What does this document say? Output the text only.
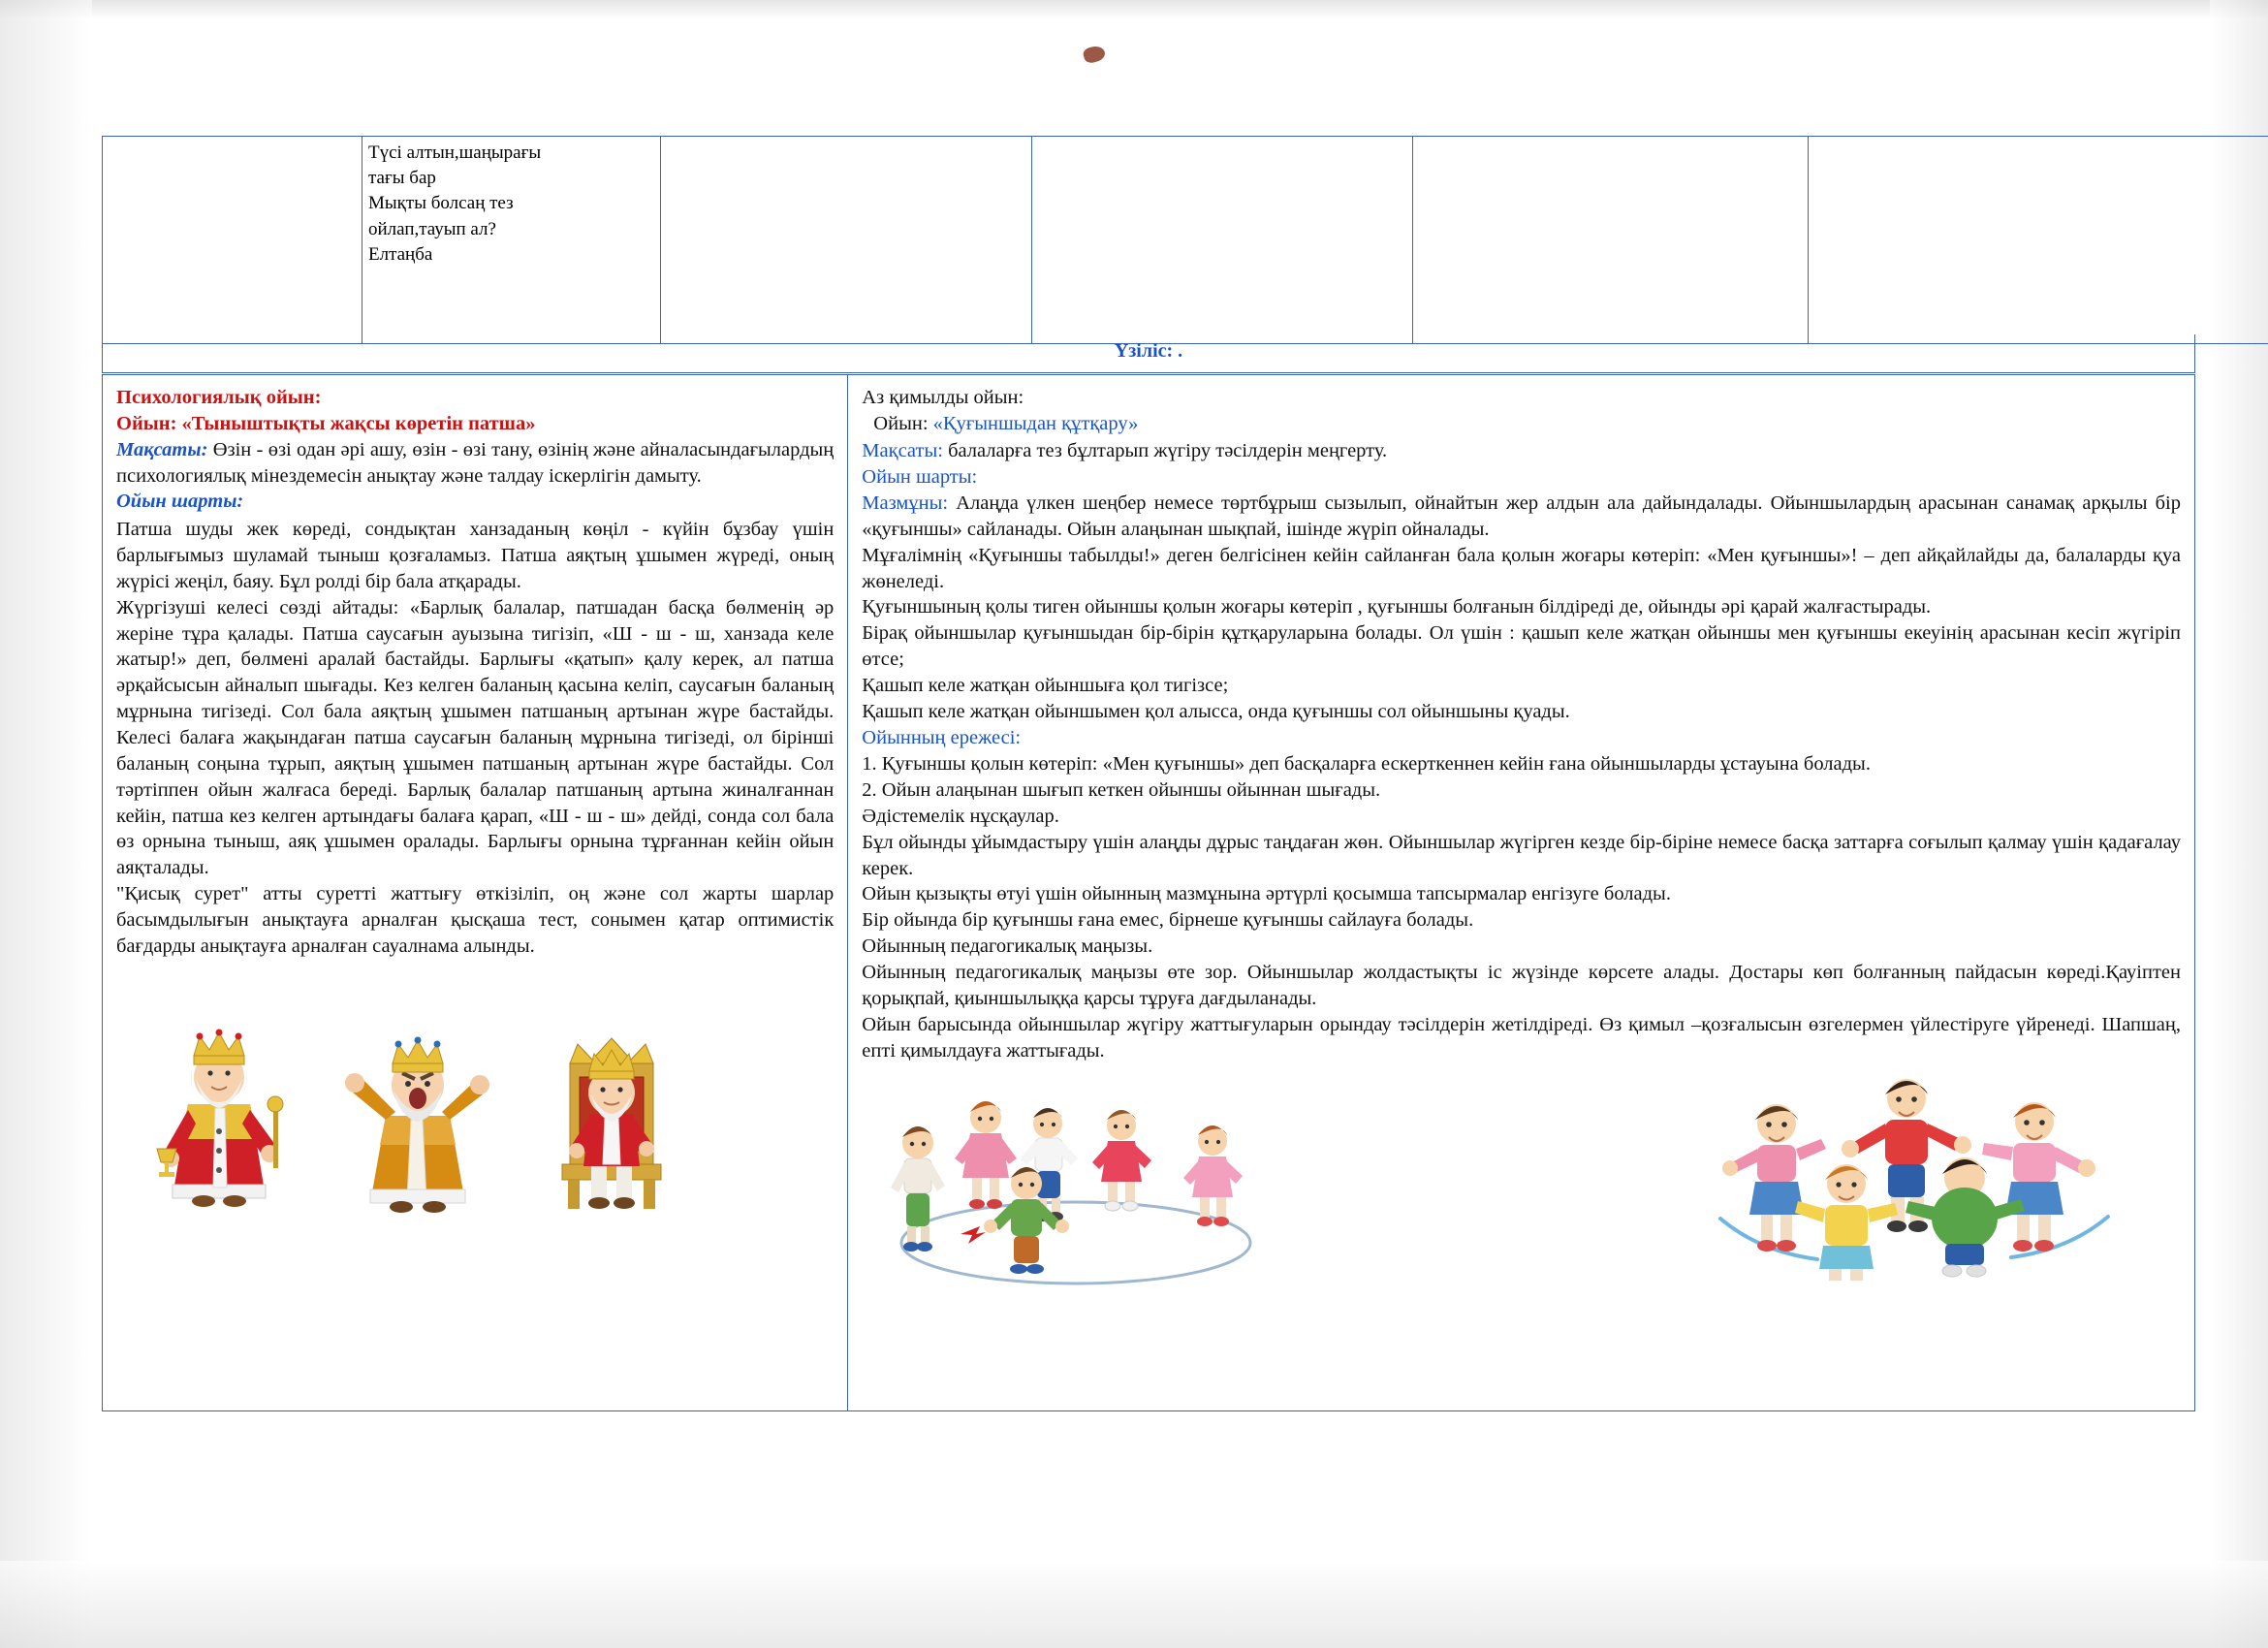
Түсі алтын,шаңырағы
тағы бар
Мықты болсаң тез
ойлап,тауып ал?
Елтаңба

Үзіліс: .

Психологиялық ойын:

Ойын: «Тыныштықты жақсы көретін патша»

Мақсаты: Өзін - өзі одан әрі ашу, өзін - өзі тану, өзінің және айналасындағылардың психологиялық мінездемесін анықтау және талдау іскерлігін дамыту.

Ойын шарты:

Патша шуды жек көреді, сондықтан ханзаданың көңіл - күйін бұзбау үшін барлығымыз шуламай тыныш қозғаламыз. Патша аяқтың ұшымен жүреді, оның жүрісі жеңіл, баяу. Бұл ролді бір бала атқарады.

Жүргізуші келесі сөзді айтады: «Барлық балалар, патшадан басқа бөлменің әр жеріне тұра қалады. Патша саусағын ауызына тигізіп, «Ш - ш - ш, ханзада келе жатыр!» деп, бөлмені аралай бастайды. Барлығы «қатып» қалу керек, ал патша әрқайсысын айналып шығады. Кез келген баланың қасына келіп, саусағын баланың мұрнына тигізеді. Сол бала аяқтың ұшымен патшаның артынан жүре бастайды. Келесі балаға жақындаған патша саусағын баланың мұрнына тигізеді, ол бірінші баланың соңына тұрып, аяқтың ұшымен патшаның артынан жүре бастайды. Сол тәртіппен ойын жалғаса береді. Барлық балалар патшаның артына жиналғаннан кейін, патша кез келген артындағы балаға қарап, «Ш - ш - ш» дейді, сонда сол бала өз орнына тыныш, аяқ ұшымен оралады. Барлығы орнына тұрғаннан кейін ойын аяқталады.

"Қисық сурет" атты суретті жаттығу өткізіліп, оң және сол жарты шарлар басымдылығын анықтауға арналған қысқаша тест, сонымен қатар оптимистік бағдарды анықтауға арналған сауалнама алынды.

Аз қимылды ойын:

Ойын: «Қуғыншыдан құтқару»

Мақсаты: балаларға тез бұлтарып жүгіру тәсілдерін меңгерту.

Ойын шарты:

Мазмұны: Алаңда үлкен шеңбер немесе төртбұрыш сызылып, ойнайтын жер алдын ала дайындалады. Ойыншылардың арасынан санамақ арқылы бір «қуғыншы» сайланады. Ойын алаңынан шықпай, ішінде жүріп ойналады.

Мұғалімнің «Қуғыншы табылды!» деген белгісінен кейін сайланған бала қолын жоғары көтеріп: «Мен қуғыншы»! – деп айқайлайды да, балаларды қуа жөнеледі.

Қуғыншының қолы тиген ойыншы қолын жоғары көтеріп , қуғыншы болғанын білдіреді де, ойынды әрі қарай жалғастырады.

Бірақ ойыншылар қуғыншыдан бір-бірін құтқаруларына болады. Ол үшін : қашып келе жатқан ойыншы мен қуғыншы екеуінің арасынан кесіп жүгіріп өтсе;

Қашып келе жатқан ойыншыға қол тигізсе;

Қашып келе жатқан ойыншымен қол алысса, онда қуғыншы сол ойыншыны қуады.

Ойынның ережесі:

1. Қуғыншы қолын көтеріп: «Мен қуғыншы» деп басқаларға ескерткеннен кейін ғана ойыншыларды ұстауына болады.

2. Ойын алаңынан шығып кеткен ойыншы ойыннан шығады.

Әдістемелік нұсқаулар.

Бұл ойынды ұйымдастыру үшін алаңды дұрыс таңдаған жөн. Ойыншылар жүгірген кезде бір-біріне немесе басқа заттарға соғылып қалмау үшін қадағалау керек.

Ойын қызықты өтуі үшін ойынның мазмұнына әртүрлі қосымша тапсырмалар енгізуге болады.

Бір ойында бір қуғыншы ғана емес, бірнеше қуғыншы сайлауға болады.

Ойынның педагогикалық маңызы.

Ойынның педагогикалық маңызы өте зор. Ойыншылар жолдастықты іс жүзінде көрсете алады. Достары көп болғанның пайдасын көреді.Қауіптен қорықпай, қиыншылыққа қарсы тұруға дағдыланады.

Ойын барысында ойыншылар жүгіру жаттығуларын орындау тәсілдерін жетілдіреді. Өз қимыл –қозғалысын өзгелермен үйлестіруге үйренеді. Шапшаң, епті қимылдауға жаттығады.
